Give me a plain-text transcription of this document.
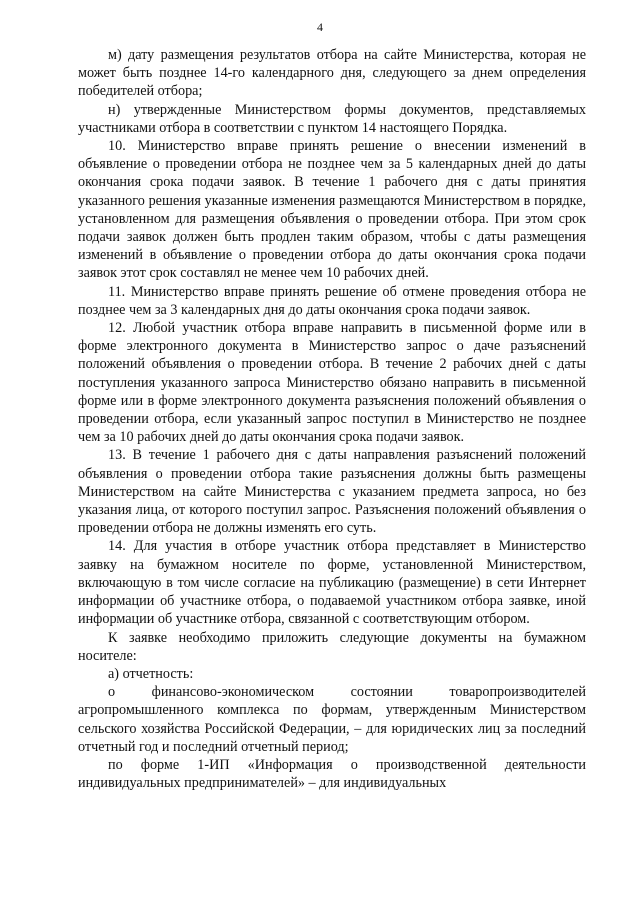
4

м) дату размещения результатов отбора на сайте Министерства, которая не может быть позднее 14-го календарного дня, следующего за днем определения победителей отбора;

н) утвержденные Министерством формы документов, представляемых участниками отбора в соответствии с пунктом 14 настоящего Порядка.

10. Министерство вправе принять решение о внесении изменений в объявление о проведении отбора не позднее чем за 5 календарных дней до даты окончания срока подачи заявок. В течение 1 рабочего дня с даты принятия указанного решения указанные изменения размещаются Министерством в порядке, установленном для размещения объявления о проведении отбора. При этом срок подачи заявок должен быть продлен таким образом, чтобы с даты размещения изменений в объявление о проведении отбора до даты окончания срока подачи заявок этот срок составлял не менее чем 10 рабочих дней.

11. Министерство вправе принять решение об отмене проведения отбора не позднее чем за 3 календарных дня до даты окончания срока подачи заявок.

12. Любой участник отбора вправе направить в письменной форме или в форме электронного документа в Министерство запрос о даче разъяснений положений объявления о проведении отбора. В течение 2 рабочих дней с даты поступления указанного запроса Министерство обязано направить в письменной форме или в форме электронного документа разъяснения положений объявления о проведении отбора, если указанный запрос поступил в Министерство не позднее чем за 10 рабочих дней до даты окончания срока подачи заявок.

13. В течение 1 рабочего дня с даты направления разъяснений положений объявления о проведении отбора такие разъяснения должны быть размещены Министерством на сайте Министерства с указанием предмета запроса, но без указания лица, от которого поступил запрос. Разъяснения положений объявления о проведении отбора не должны изменять его суть.

14. Для участия в отборе участник отбора представляет в Министерство заявку на бумажном носителе по форме, установленной Министерством, включающую в том числе согласие на публикацию (размещение) в сети Интернет информации об участнике отбора, о подаваемой участником отбора заявке, иной информации об участнике отбора, связанной с соответствующим отбором.

К заявке необходимо приложить следующие документы на бумажном носителе:

а) отчетность:

о финансово-экономическом состоянии товаропроизводителей агропромышленного комплекса по формам, утвержденным Министерством сельского хозяйства Российской Федерации, – для юридических лиц за последний отчетный год и последний отчетный период;

по форме 1-ИП «Информация о производственной деятельности индивидуальных предпринимателей» – для индивидуальных
